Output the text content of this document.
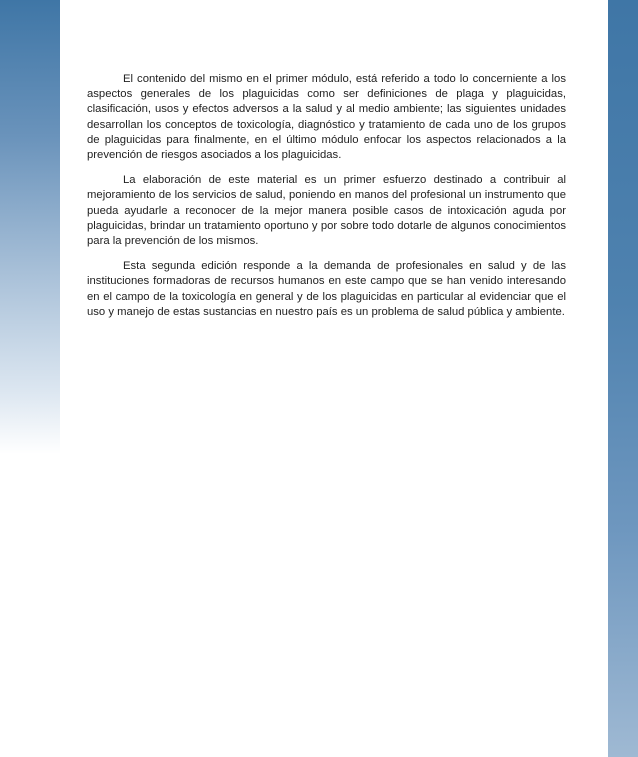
El contenido del mismo en el primer módulo, está referido a todo lo concerniente a los aspectos generales de los plaguicidas como ser definiciones de plaga y plaguicidas, clasificación, usos y efectos adversos a la salud y al medio ambiente; las siguientes unidades desarrollan los conceptos de toxicología, diagnóstico y tratamiento de cada uno de los grupos de plaguicidas para finalmente, en el último módulo enfocar los aspectos relacionados a la prevención de riesgos asociados a los plaguicidas.

La elaboración de este material es un primer esfuerzo destinado a contribuir al mejoramiento de los servicios de salud, poniendo en manos del profesional un instrumento que pueda ayudarle a reconocer de la mejor manera posible casos de intoxicación aguda por plaguicidas, brindar un tratamiento oportuno y por sobre todo dotarle de algunos conocimientos para la prevención de los mismos.

Esta segunda edición responde a la demanda de profesionales en salud y de las instituciones formadoras de recursos humanos en este campo que se han venido interesando en el campo de la toxicología en general y de los plaguicidas en particular al evidenciar que el uso y manejo de estas sustancias en nuestro país es un problema de salud pública y ambiente.
